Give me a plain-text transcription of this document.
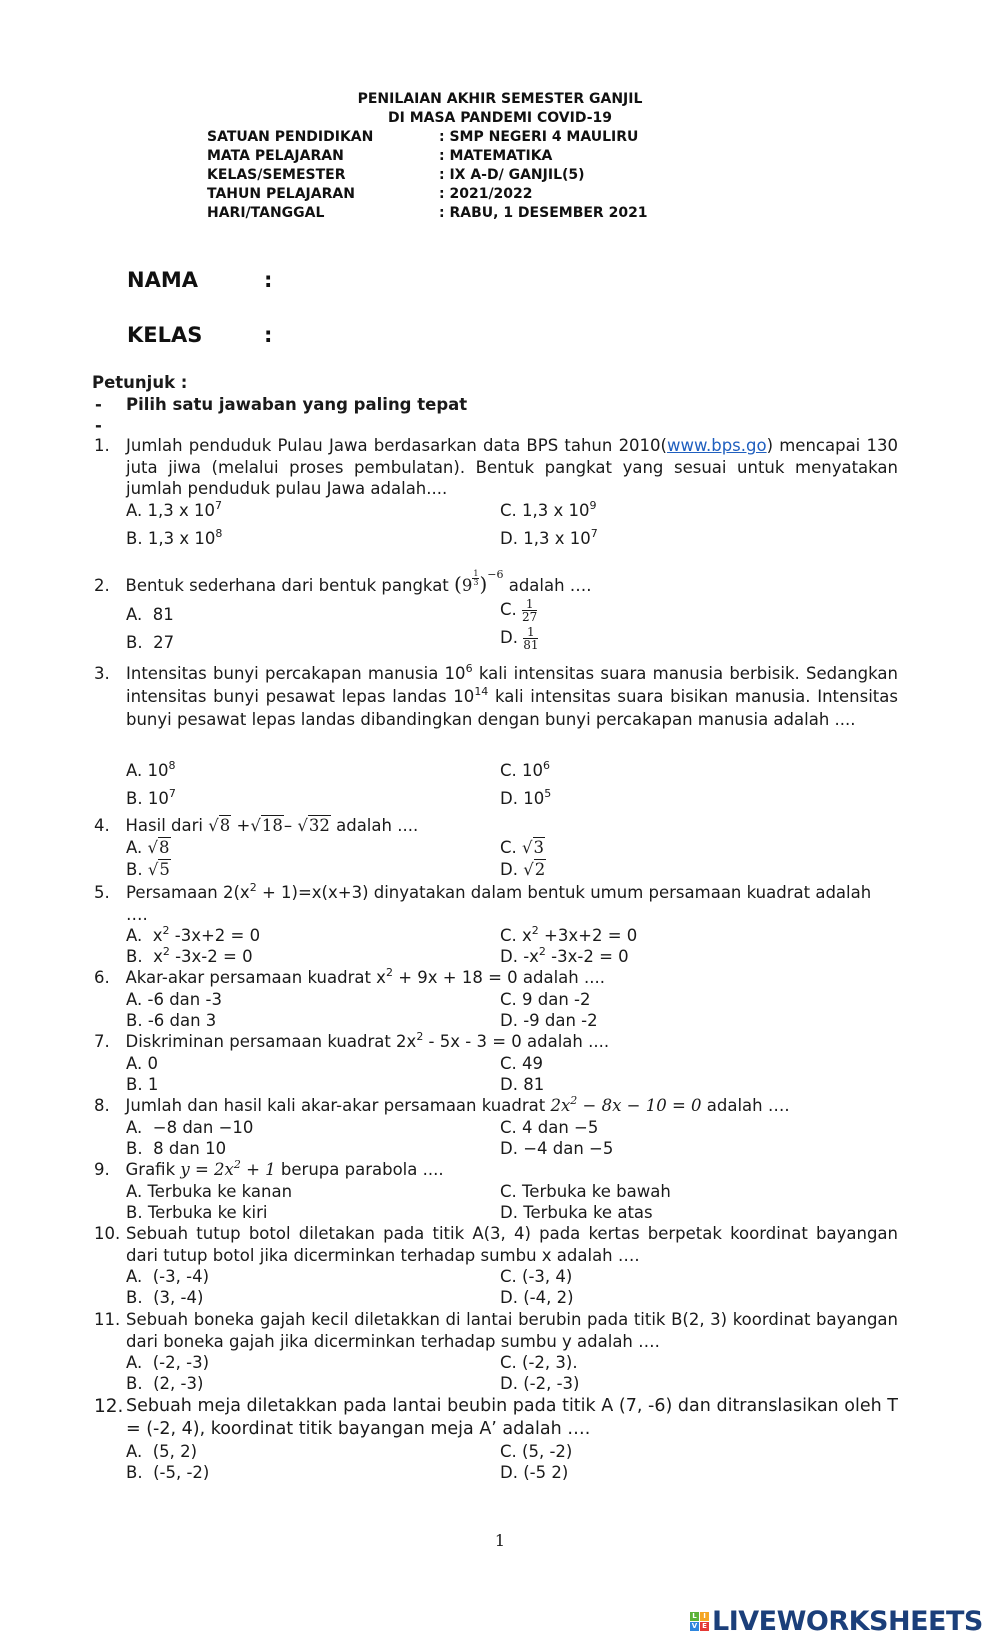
PENILAIAN AKHIR SEMESTER GANJIL
DI MASA PANDEMI COVID-19
SATUAN PENDIDIKAN	: SMP NEGERI 4 MAULIRU
MATA PELAJARAN	: MATEMATIKA
KELAS/SEMESTER	: IX A-D/ GANJIL(5)
TAHUN PELAJARAN	: 2021/2022
HARI/TANGGAL	: RABU, 1 DESEMBER 2021
NAMA	:
KELAS	:
Petunjuk :
- Pilih satu jawaban yang paling tepat
-
1. Jumlah penduduk Pulau Jawa berdasarkan data BPS tahun 2010(www.bps.go) mencapai 130 juta jiwa (melalui proses pembulatan). Bentuk pangkat yang sesuai untuk menyatakan jumlah penduduk pulau Jawa adalah....
A. 1,3 x $10^7$
B. 1,3 x $10^8$
C. 1,3 x $10^9$
D. 1,3 x $10^7$
2. Bentuk sederhana dari bentuk pangkat $(9 \frac{1}{3} )^{-6}$ adalah ….
A. 81
B. 27
C. $\frac{1}{27}$
D. $\frac{1}{81}$
3. Intensitas bunyi percakapan manusia $10^6$ kali intensitas suara manusia berbisik. Sedangkan intensitas bunyi pesawat lepas landas $10^{14}$ kali intensitas suara bisikan manusia. Intensitas bunyi pesawat lepas landas dibandingkan dengan bunyi percakapan manusia adalah ....
A. $10^8$
B. $10^7$
C. $10^6$
D. $10^5$
4. Hasil dari √8 +√18– √32 adalah ....
A. √8
B. √5
C. √3
D. √2
5. Persamaan $2(x^2 + 1)=x(x+3)$ dinyatakan dalam bentuk umum persamaan kuadrat adalah ….
A. $x^2$ -3x+2 = 0
B. $x^2$ -3x-2 = 0
C. $x^2 +3x+2 = 0$
D. $-x^2$ -3x-2 = 0
6. Akar-akar persamaan kuadrat $x^2 + 9x + 18 = 0$ adalah ....
A. -6 dan -3
B. -6 dan 3
C. 9 dan -2
D. -9 dan -2
7. Diskriminan persamaan kuadrat $2x^2 - 5x - 3 = 0$ adalah ....
A. 0
B. 1
C. 49
D. 81
8. Jumlah dan hasil kali akar-akar persamaan kuadrat $2x^2 - 8x - 10 = 0$ adalah ….
A. −8 dan −10
B. 8 dan 10
C. 4 dan −5
D. −4 dan −5
9. Grafik $y = 2x^2 + 1$ berupa parabola ....
A. Terbuka ke kanan
B. Terbuka ke kiri
C. Terbuka ke bawah
D. Terbuka ke atas
10. Sebuah tutup botol diletakan pada titik A(3, 4) pada kertas berpetak koordinat bayangan dari tutup botol jika dicerminkan terhadap sumbu x adalah ….
A. (-3, -4)
B. (3, -4)
C. (-3, 4)
D. (-4, 2)
11. Sebuah boneka gajah kecil diletakkan di lantai berubin pada titik B(2, 3) koordinat bayangan dari boneka gajah jika dicerminkan terhadap sumbu y adalah ….
A. (-2, -3)
B. (2, -3)
C. (-2, 3).
D. (-2, -3)
12. Sebuah meja diletakkan pada lantai beubin pada titik A (7, -6) dan ditranslasikan oleh T = (-2, 4), koordinat titik bayangan meja A’ adalah ….
A. (5, 2)
B. (-5, -2)
C. (5, -2)
D. (-5 2)
1
L I
V E LIVEWORKSHEETS
